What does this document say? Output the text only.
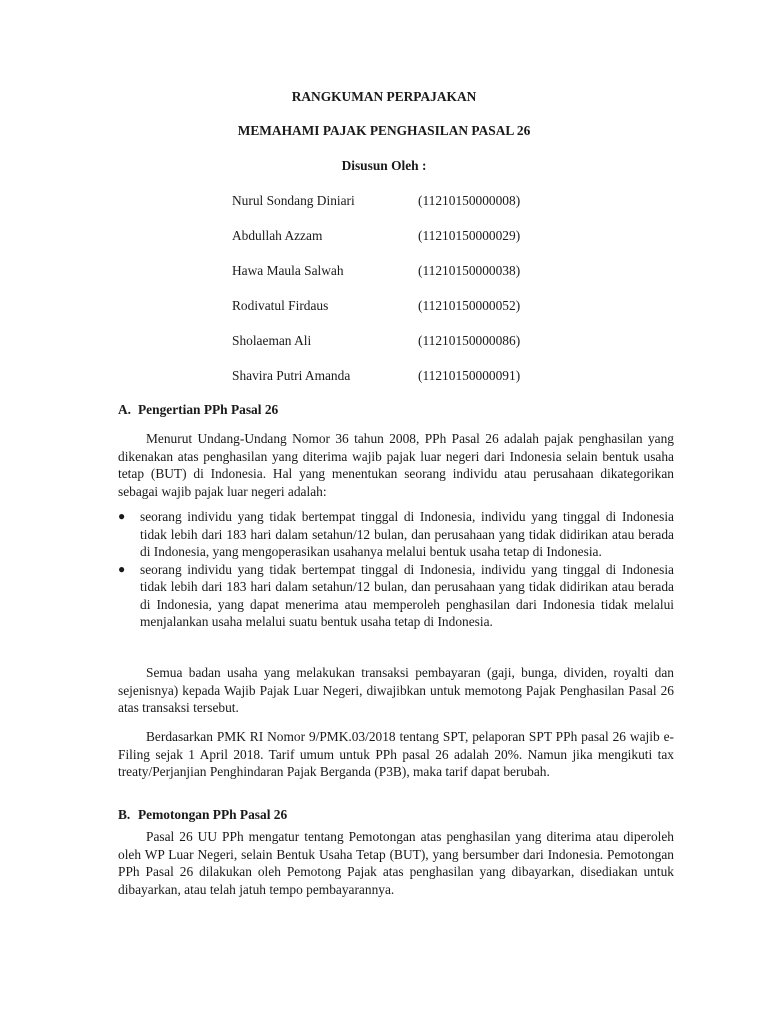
RANGKUMAN PERPAJAKAN
MEMAHAMI PAJAK PENGHASILAN PASAL 26
Disusun Oleh :
Nurul Sondang Diniari	(11210150000008)
Abdullah Azzam	(11210150000029)
Hawa Maula Salwah	(11210150000038)
Rodivatul Firdaus	(11210150000052)
Sholaeman Ali	(11210150000086)
Shavira Putri Amanda	(11210150000091)
A. Pengertian PPh Pasal 26

Menurut Undang-Undang Nomor 36 tahun 2008, PPh Pasal 26 adalah pajak penghasilan yang dikenakan atas penghasilan yang diterima wajib pajak luar negeri dari Indonesia selain bentuk usaha tetap (BUT) di Indonesia. Hal yang menentukan seorang individu atau perusahaan dikategorikan sebagai wajib pajak luar negeri adalah:

●	seorang individu yang tidak bertempat tinggal di Indonesia, individu yang tinggal di Indonesia tidak lebih dari 183 hari dalam setahun/12 bulan, dan perusahaan yang tidak didirikan atau berada di Indonesia, yang mengoperasikan usahanya melalui bentuk usaha tetap di Indonesia.
●	seorang individu yang tidak bertempat tinggal di Indonesia, individu yang tinggal di Indonesia tidak lebih dari 183 hari dalam setahun/12 bulan, dan perusahaan yang tidak didirikan atau berada di Indonesia, yang dapat menerima atau memperoleh penghasilan dari Indonesia tidak melalui menjalankan usaha melalui suatu bentuk usaha tetap di Indonesia.

Semua badan usaha yang melakukan transaksi pembayaran (gaji, bunga, dividen, royalti dan sejenisnya) kepada Wajib Pajak Luar Negeri, diwajibkan untuk memotong Pajak Penghasilan Pasal 26 atas transaksi tersebut.

Berdasarkan PMK RI Nomor 9/PMK.03/2018 tentang SPT, pelaporan SPT PPh pasal 26 wajib e-Filing sejak 1 April 2018. Tarif umum untuk PPh pasal 26 adalah 20%. Namun jika mengikuti tax treaty/Perjanjian Penghindaran Pajak Berganda (P3B), maka tarif dapat berubah.

B. Pemotongan PPh Pasal 26

Pasal 26 UU PPh mengatur tentang Pemotongan atas penghasilan yang diterima atau diperoleh oleh WP Luar Negeri, selain Bentuk Usaha Tetap (BUT), yang bersumber dari Indonesia. Pemotongan PPh Pasal 26 dilakukan oleh Pemotong Pajak atas penghasilan yang dibayarkan, disediakan untuk dibayarkan, atau telah jatuh tempo pembayarannya.
